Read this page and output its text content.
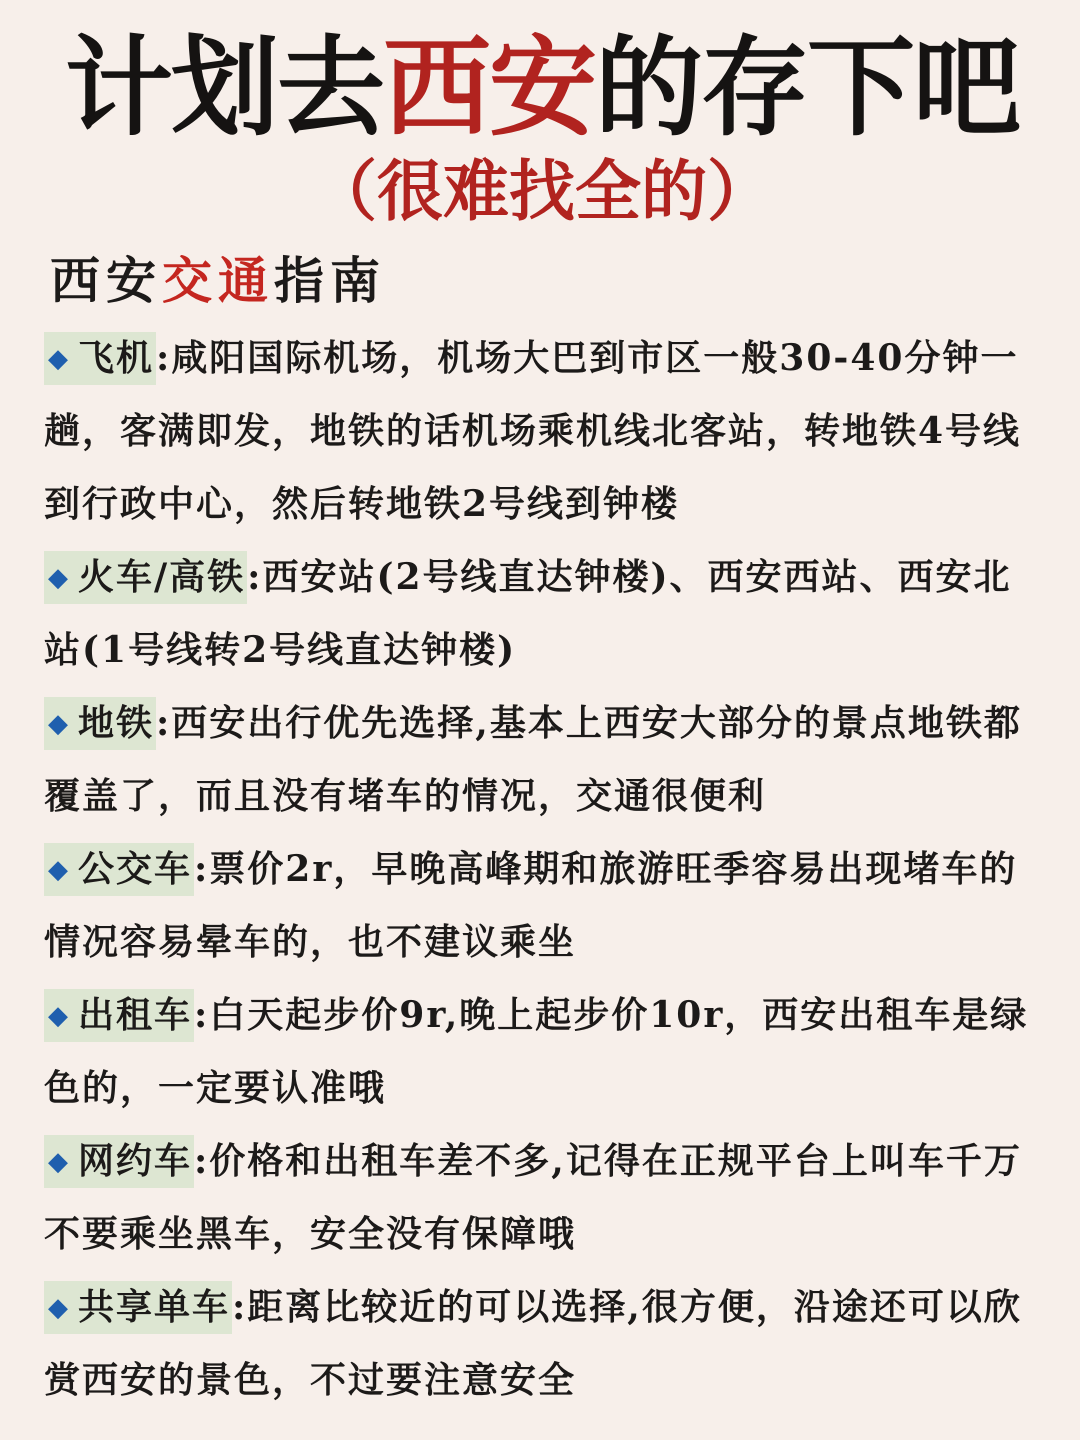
计划去西安的存下吧
（很难找全的）
西安交通指南

◆ 飞机:咸阳国际机场，机场大巴到市区一般30-40分钟一趟，客满即发，地铁的话机场乘机线北客站，转地铁4号线到行政中心，然后转地铁2号线到钟楼

◆ 火车/高铁:西安站(2号线直达钟楼)、西安西站、西安北站(1号线转2号线直达钟楼)

◆ 地铁:西安出行优先选择,基本上西安大部分的景点地铁都覆盖了，而且没有堵车的情况，交通很便利

◆ 公交车:票价2r，早晚高峰期和旅游旺季容易出现堵车的情况容易晕车的，也不建议乘坐

◆ 出租车:白天起步价9r,晚上起步价10r，西安出租车是绿色的，一定要认准哦

◆ 网约车:价格和出租车差不多,记得在正规平台上叫车千万不要乘坐黑车，安全没有保障哦

◆ 共享单车:距离比较近的可以选择,很方便，沿途还可以欣赏西安的景色，不过要注意安全
